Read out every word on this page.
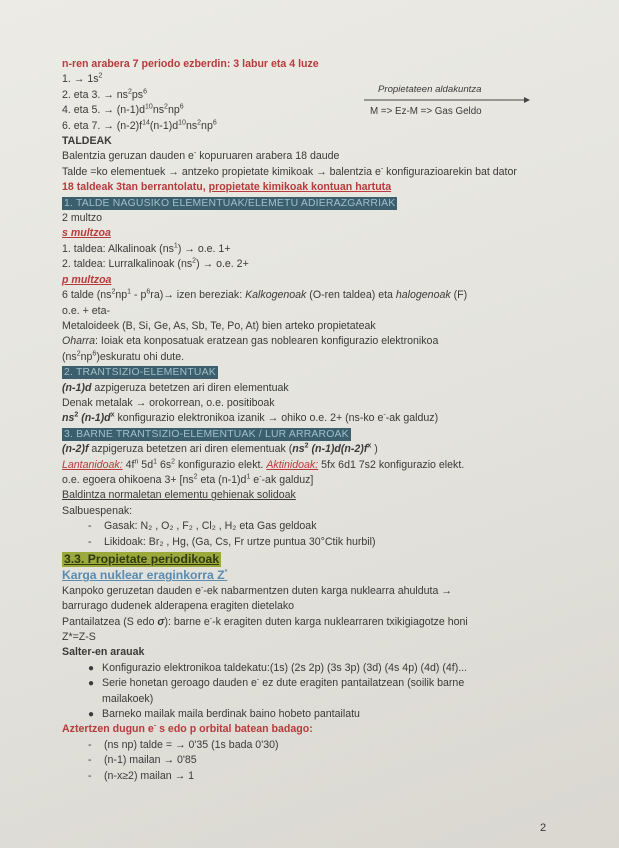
Propietateen aldakuntza
M => Ez-M => Gas Geldo
n-ren arabera 7 periodo ezberdin: 3 labur eta 4 luze
1. → $1s^2$
2. eta 3. → $ns^2ps^6$
4. eta 5. → $(n-1)d^{10}ns^2np^6$
6. eta 7. → $(n-2)f^{14}(n-1)d^{10}ns^2np^6$
TALDEAK
Balentzia geruzan dauden e- kopuruaren arabera 18 daude
Talde =ko elementuek → antzeko propietate kimikoak → balentzia e- konfigurazioarekin bat dator
18 taldeak 3tan berrantolatu, propietate kimikoak kontuan hartuta
1. TALDE NAGUSIKO ELEMENTUAK/ELEMETU ADIERAZGARRIAK
2 multzo
s multzoa
1. taldea: Alkalinoak $(ns^1) \to o.e$. 1+
2. taldea: Lurralkalinoak $(ns^2) \to o.e$. 2+
p multzoa
6 talde $(ns^2np^1 - p^6ra)\to$ izen bereziak: Kalkogenoak (O-ren taldea) eta halogenoak (F)
o.e. + eta-
Metaloideek (B, Si, Ge, As, Sb, Te, Po, At) bien arteko propietateak
Oharra: Ioiak eta konposatuak eratzean gas noblearen konfigurazio elektronikoa
$(ns^2np^6)eskuratu$ ohi dute.
2. TRANTSIZIO-ELEMENTUAK
(n-1)d azpigeruza betetzen ari diren elementuak
Denak metalak → orokorrean, o.e. positiboak
$ns^2$ $(n-1)d^x$ konfigurazio elektronikoa izanik → ohiko o.e. 2+ (ns-ko e--ak galduz)
3. BARNE TRANTSIZIO-ELEMENTUAK / LUR ARRAROAK
(n-2)f azpigeruza betetzen ari diren elementuak ($ns^2$ $(n-1)d(n-2)f^x$ )
Lantanidoak: $4f^n$ $5d^1$ $6s^2$ konfigurazio elekt. Aktinidoak: 5fx 6d1 7s2 konfigurazio elekt.
o.e. egoera ohikoena $3+ [ns^2$ eta $(n-1)d^1$ e--ak galduz]
Baldintza normaletan elementu gehienak solidoak
Salbuespenak:
- Gasak: N₂ , O₂ , F₂ , Cl₂ , H₂ eta Gas geldoak
- Likidoak: Br₂ , Hg, (Ga, Cs, Fr urtze puntua 30°Ctik hurbil)
3.3. Propietate periodikoak
Karga nuklear eraginkorra Z*
Kanpoko geruzetan dauden e--ek nabarmentzen duten karga nuklearra ahulduta →
barrurago dudenek alderapena eragiten dietelako
Pantailatzea (S edo σ): barne e--k eragiten duten karga nuklearraren txikigiagotze honi
Z*=Z-S
Salter-en arauak
● Konfigurazio elektronikoa taldekatu:(1s) (2s 2p) (3s 3p) (3d) (4s 4p) (4d) (4f)...
● Serie honetan geroago dauden e- ez dute eragiten pantailatzean (soilik barne
mailakoek)
● Barneko mailak maila berdinak baino hobeto pantailatu
Aztertzen dugun e- s edo p orbital batean badago:
- (ns np) talde = → 0'35 (1s bada 0'30)
- (n-1) mailan → 0'85
- (n-x≥2) mailan → 1
2
